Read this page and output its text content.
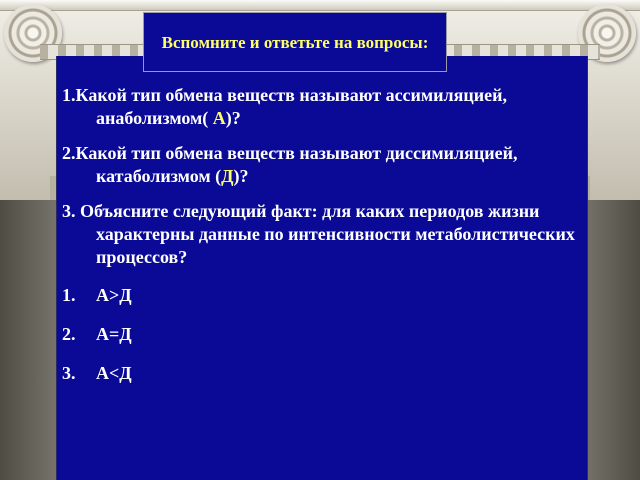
Вспомните и ответьте на вопросы:

1.Какой тип обмена веществ называют ассимиляцией, анаболизмом( А)?

2.Какой тип обмена веществ называют диссимиляцией, катаболизмом (Д)?

3. Объясните следующий факт: для каких периодов жизни характерны данные по интенсивности метаболистических процессов?

1.	А>Д
2.	А=Д
3.	А<Д
